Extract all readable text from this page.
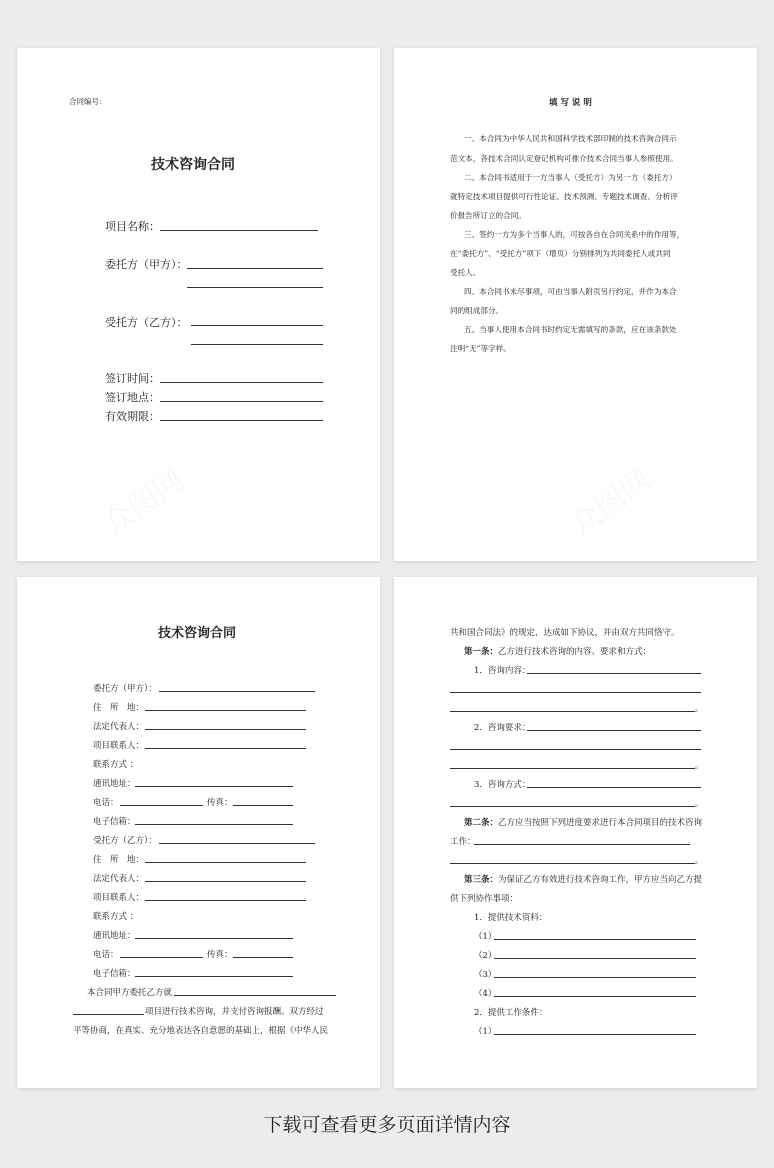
合同编号：
技术咨询合同
项目名称：
委托方（甲方）：
受托方（乙方）：
签订时间：
签订地点：
有效期限：
填 写 说 明
一、本合同为中华人民共和国科学技术部印制的技术咨询合同示
范文本，各技术合同认定登记机构可推介技术合同当事人参照使用。
二、本合同书适用于一方当事人（受托方）为另一方（委托方）
就特定技术项目提供可行性论证、技术预测、专题技术调查、分析评
价报告所订立的合同。
三、签约一方为多个当事人的，可按各自在合同关系中的作用等，
在“委托方”、“受托方”项下（增页）分别排列为共同委托人或共同
受托人。
四、本合同书未尽事项，可由当事人附页另行约定，并作为本合
同的组成部分。
五、当事人使用本合同书时约定无需填写的条款，应在该条款处
注明“无”等字样。
技术咨询合同
委托方（甲方）：
住　所　地：
法定代表人：
项目联系人：
联系方式 ：
通讯地址：
电话：	传真：
电子信箱：
受托方（乙方）：
住　所　地：
法定代表人：
项目联系人：
联系方式 ：
通讯地址：
电话：	传真：
电子信箱：
本合同甲方委托乙方就
项目进行技术咨询，并支付咨询报酬。双方经过
平等协商，在真实、充分地表达各自意愿的基础上，根据《中华人民
共和国合同法》的规定，达成如下协议，并由双方共同恪守。
第一条：乙方进行技术咨询的内容、要求和方式：
1．咨询内容：
。
2．咨询要求：
。
3．咨询方式：
。
第二条：乙方应当按照下列进度要求进行本合同项目的技术咨询
工作：
。
第三条：为保证乙方有效进行技术咨询工作，甲方应当向乙方提
供下列协作事项：
1．提供技术资料：
（1）
（2）
（3）
（4）
2．提供工作条件：
（1）
下载可查看更多页面详情内容
